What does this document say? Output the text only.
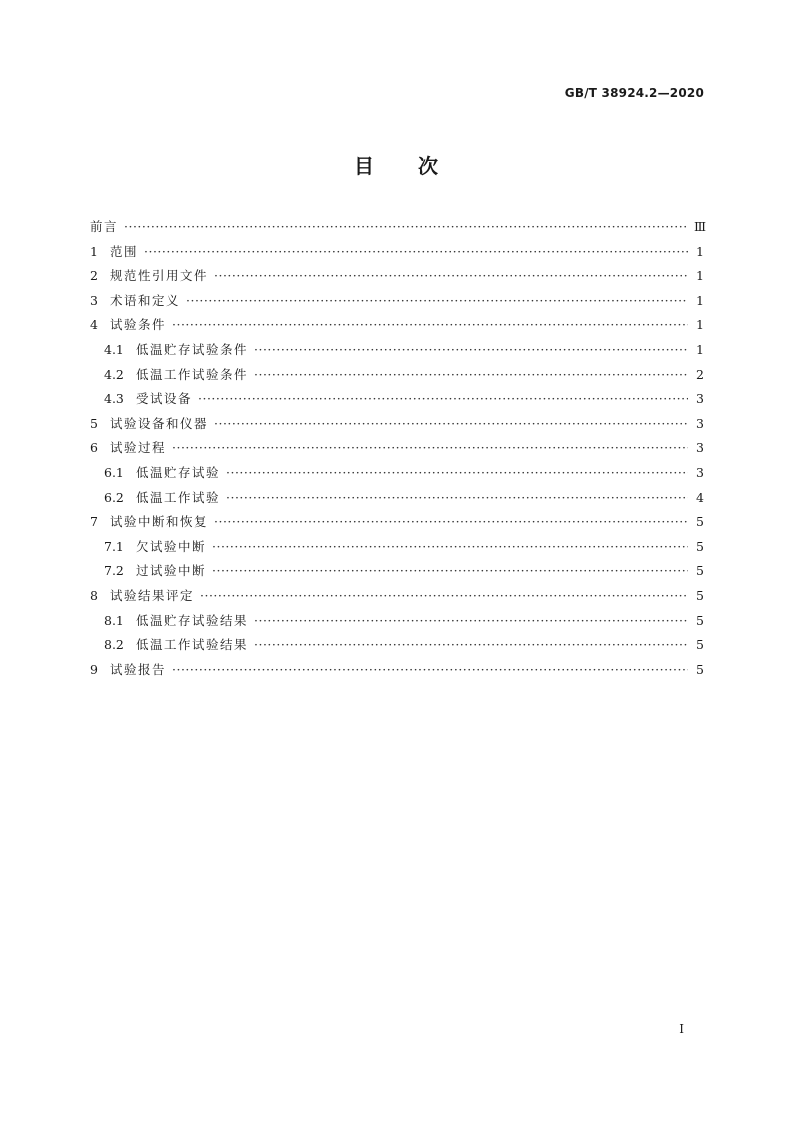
GB/T 38924.2—2020
目 次
前言 ·····	Ⅲ
1 范围 ·····	1
2 规范性引用文件 ·····	1
3 术语和定义 ·····	1
4 试验条件 ·····	1
4.1 低温贮存试验条件 ·····	1
4.2 低温工作试验条件 ·····	2
4.3 受试设备 ·····	3
5 试验设备和仪器 ·····	3
6 试验过程 ·····	3
6.1 低温贮存试验 ·····	3
6.2 低温工作试验 ·····	4
7 试验中断和恢复 ·····	5
7.1 欠试验中断 ·····	5
7.2 过试验中断 ·····	5
8 试验结果评定 ·····	5
8.1 低温贮存试验结果 ·····	5
8.2 低温工作试验结果 ·····	5
9 试验报告 ·····	5
I
